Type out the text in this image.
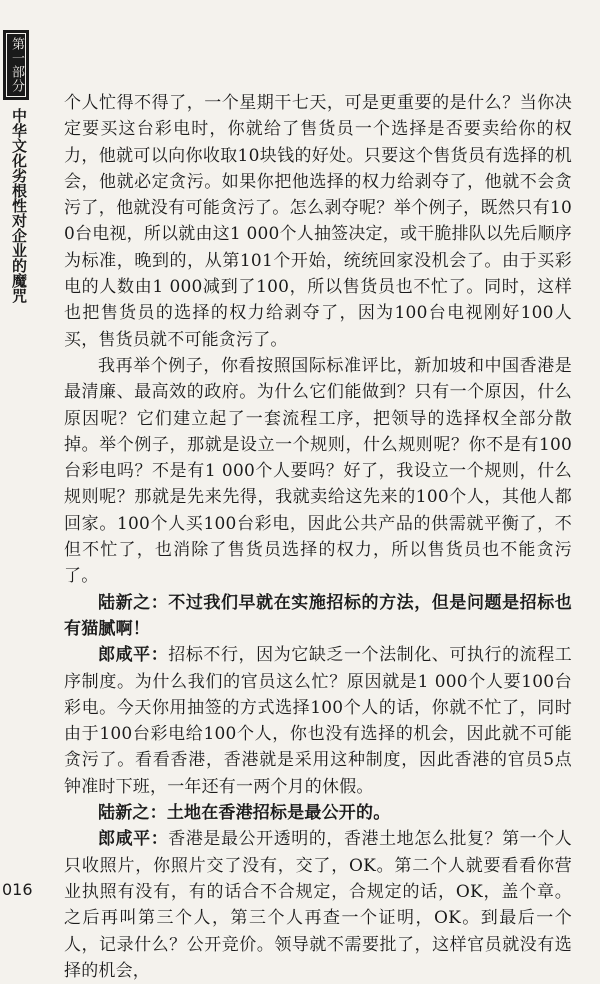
第一部分
中华文化劣根性对企业的魔咒

个人忙得不得了，一个星期干七天，可是更重要的是什么？当你决定要买这台彩电时，你就给了售货员一个选择是否要卖给你的权力，他就可以向你收取10块钱的好处。只要这个售货员有选择的机会，他就必定贪污。如果你把他选择的权力给剥夺了，他就不会贪污了，他就没有可能贪污了。怎么剥夺呢？举个例子，既然只有100台电视，所以就由这1 000个人抽签决定，或干脆排队以先后顺序为标准，晚到的，从第101个开始，统统回家没机会了。由于买彩电的人数由1 000减到了100，所以售货员也不忙了。同时，这样也把售货员的选择的权力给剥夺了，因为100台电视刚好100人买，售货员就不可能贪污了。

我再举个例子，你看按照国际标准评比，新加坡和中国香港是最清廉、最高效的政府。为什么它们能做到？只有一个原因，什么原因呢？它们建立起了一套流程工序，把领导的选择权全部分散掉。举个例子，那就是设立一个规则，什么规则呢？你不是有100台彩电吗？不是有1 000个人要吗？好了，我设立一个规则，什么规则呢？那就是先来先得，我就卖给这先来的100个人，其他人都回家。100个人买100台彩电，因此公共产品的供需就平衡了，不但不忙了，也消除了售货员选择的权力，所以售货员也不能贪污了。

陆新之：不过我们早就在实施招标的方法，但是问题是招标也有猫腻啊！

郎咸平：招标不行，因为它缺乏一个法制化、可执行的流程工序制度。为什么我们的官员这么忙？原因就是1 000个人要100台彩电。今天你用抽签的方式选择100个人的话，你就不忙了，同时由于100台彩电给100个人，你也没有选择的机会，因此就不可能贪污了。看看香港，香港就是采用这种制度，因此香港的官员5点钟准时下班，一年还有一两个月的休假。

陆新之：土地在香港招标是最公开的。

郎咸平：香港是最公开透明的，香港土地怎么批复？第一个人只收照片，你照片交了没有，交了，OK。第二个人就要看看你营业执照有没有，有的话合不合规定，合规定的话，OK，盖个章。之后再叫第三个人，第三个人再查一个证明，OK。到最后一个人，记录什么？公开竞价。领导就不需要批了，这样官员就没有选择的机会，

016
